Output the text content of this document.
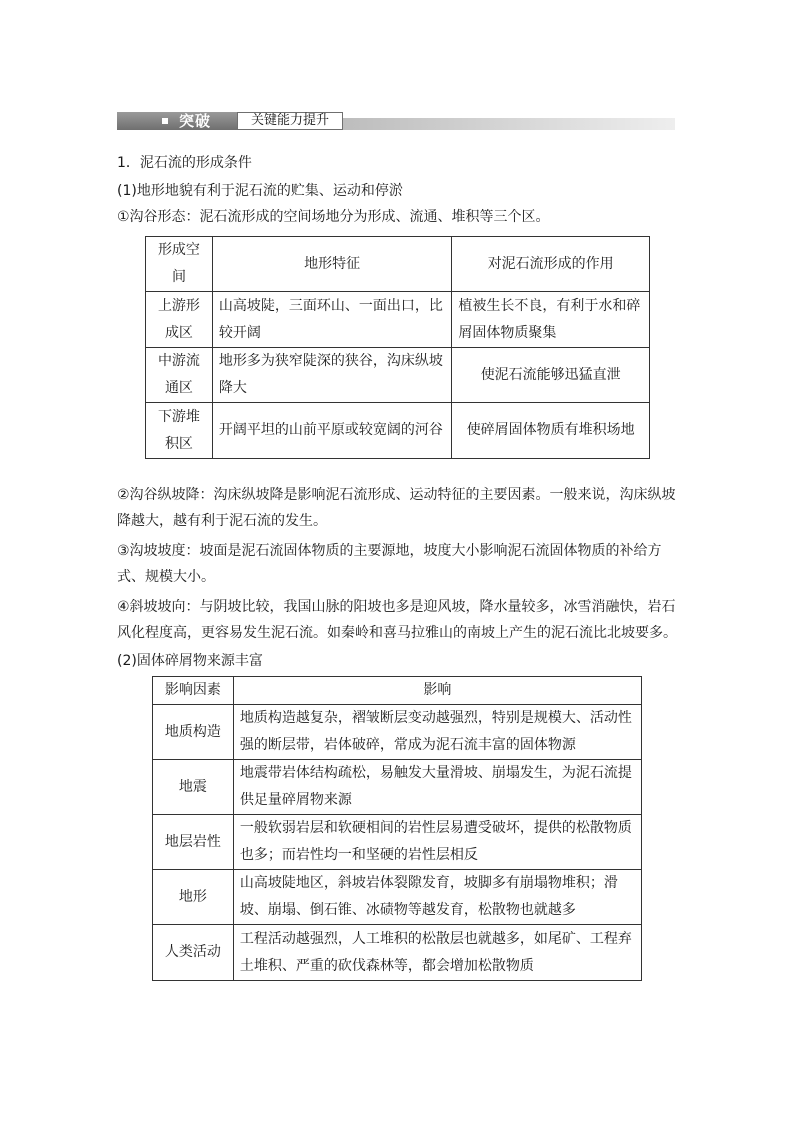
突破	关键能力提升

1．泥石流的形成条件

(1)地形地貌有利于泥石流的贮集、运动和停淤

①沟谷形态：泥石流形成的空间场地分为形成、流通、堆积等三个区。

形成空间	地形特征	对泥石流形成的作用
上游形成区	山高坡陡，三面环山、一面出口，比较开阔	植被生长不良，有利于水和碎屑固体物质聚集
中游流通区	地形多为狭窄陡深的狭谷，沟床纵坡降大	使泥石流能够迅猛直泄
下游堆积区	开阔平坦的山前平原或较宽阔的河谷	使碎屑固体物质有堆积场地

②沟谷纵坡降：沟床纵坡降是影响泥石流形成、运动特征的主要因素。一般来说，沟床纵坡降越大，越有利于泥石流的发生。

③沟坡坡度：坡面是泥石流固体物质的主要源地，坡度大小影响泥石流固体物质的补给方式、规模大小。

④斜坡坡向：与阴坡比较，我国山脉的阳坡也多是迎风坡，降水量较多，冰雪消融快，岩石风化程度高，更容易发生泥石流。如秦岭和喜马拉雅山的南坡上产生的泥石流比北坡要多。

(2)固体碎屑物来源丰富

影响因素	影响
地质构造	地质构造越复杂，褶皱断层变动越强烈，特别是规模大、活动性强的断层带，岩体破碎，常成为泥石流丰富的固体物源
地震	地震带岩体结构疏松，易触发大量滑坡、崩塌发生，为泥石流提供足量碎屑物来源
地层岩性	一般软弱岩层和软硬相间的岩性层易遭受破坏，提供的松散物质也多；而岩性均一和坚硬的岩性层相反
地形	山高坡陡地区，斜坡岩体裂隙发育，坡脚多有崩塌物堆积；滑坡、崩塌、倒石锥、冰碛物等越发育，松散物也就越多
人类活动	工程活动越强烈，人工堆积的松散层也就越多，如尾矿、工程弃土堆积、严重的砍伐森林等，都会增加松散物质
